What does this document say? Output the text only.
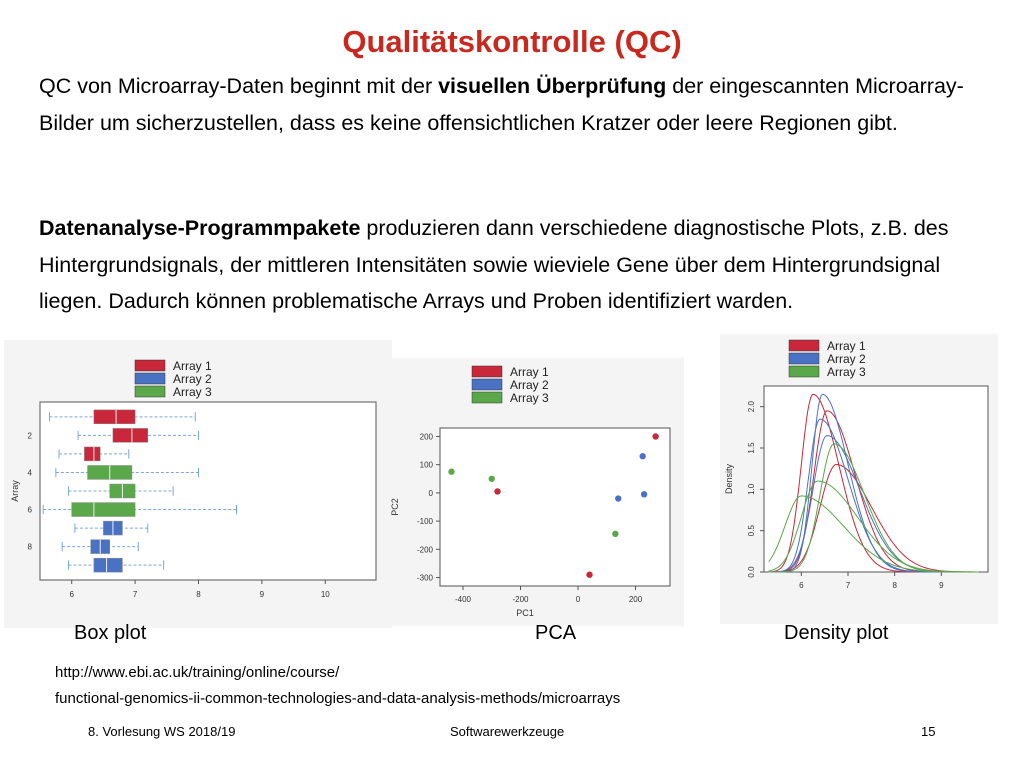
Qualitätskontrolle (QC)
QC von Microarray-Daten beginnt mit der visuellen Überprüfung der eingescannten Microarray-Bilder um sicherzustellen, dass es keine offensichtlichen Kratzer oder leere Regionen gibt.
Datenanalyse-Programmpakete produzieren dann verschiedene diagnostische Plots, z.B. des Hintergrundsignals, der mittleren Intensitäten sowie wieviele Gene über dem Hintergrundsignal liegen. Dadurch können problematische Arrays und Proben identifiziert warden.
Array 1
Array 2
Array 3
2
4
6
8
6	7	8	9	10
Array
Array 1
Array 2
Array 3
-400	-200	0	200
200
100
0
-100
-200
-300
PC1
PC2
Array 1
Array 2
Array 3
6	7	8	9
0.0
0.5
1.0
1.5
2.0
Density
Box plot	PCA	Density plot
http://www.ebi.ac.uk/training/online/course/
functional-genomics-ii-common-technologies-and-data-analysis-methods/microarrays
8. Vorlesung WS 2018/19	Softwarewerkzeuge	15
